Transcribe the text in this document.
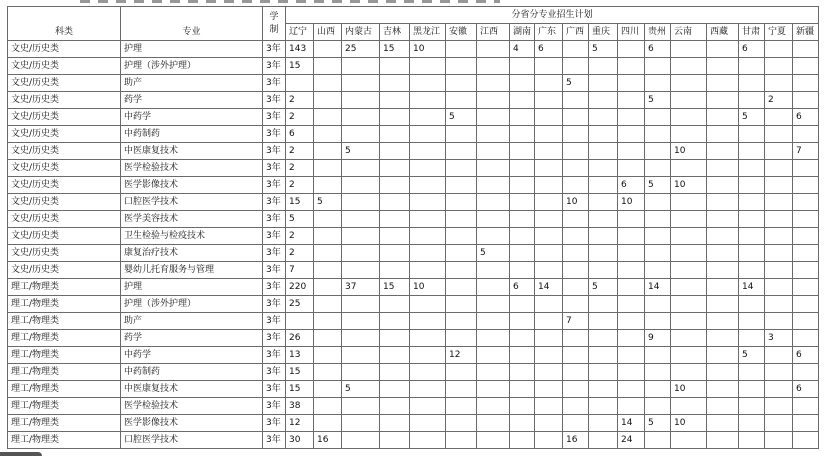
科类	专业	学
制	分省分专业招生计划																	
			辽宁	山西	内蒙古	吉林	黑龙江	安徽	江西	湖南	广东	广西	重庆	四川	贵州	云南	西藏	甘肃	宁夏	新疆
文史/历史类	护理	3年	143		25	15	10			4	6		5		6			6		
文史/历史类	护理（涉外护理）	3年	15																	
文史/历史类	助产	3年										5								
文史/历史类	药学	3年	2												5				2	
文史/历史类	中药学	3年	2					5										5		6
文史/历史类	中药制药	3年	6																	
文史/历史类	中医康复技术	3年	2		5											10				7
文史/历史类	医学检验技术	3年	2																	
文史/历史类	医学影像技术	3年	2											6	5	10				
文史/历史类	口腔医学技术	3年	15	5								10		10						
文史/历史类	医学美容技术	3年	5																	
文史/历史类	卫生检验与检疫技术	3年	2																	
文史/历史类	康复治疗技术	3年	2						5											
文史/历史类	婴幼儿托育服务与管理	3年	7																	
理工/物理类	护理	3年	220		37	15	10			6	14		5		14			14		
理工/物理类	护理（涉外护理）	3年	25																	
理工/物理类	助产	3年										7								
理工/物理类	药学	3年	26												9				3	
理工/物理类	中药学	3年	13					12										5		6
理工/物理类	中药制药	3年	15																	
理工/物理类	中医康复技术	3年	15		5											10				6
理工/物理类	医学检验技术	3年	38																	
理工/物理类	医学影像技术	3年	12											14	5	10				
理工/物理类	口腔医学技术	3年	30	16								16		24						
